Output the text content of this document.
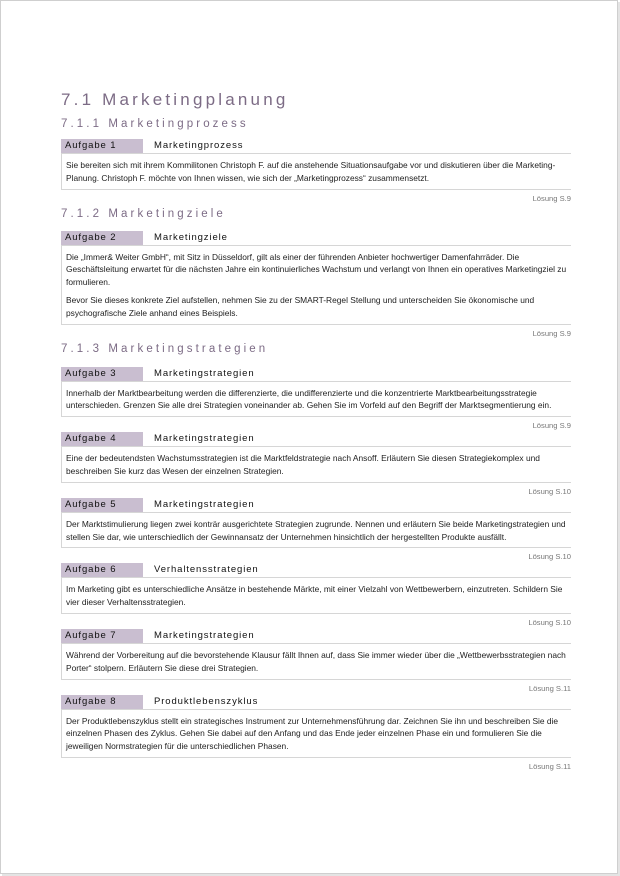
7.1 Marketingplanung
7.1.1 Marketingprozess
Aufgabe 1	Marketingprozess

Sie bereiten sich mit ihrem Kommilitonen Christoph F. auf die anstehende Situationsaufgabe vor und diskutieren über die Marketing-Planung. Christoph F. möchte von Ihnen wissen, wie sich der „Marketingprozess“ zusammensetzt.

Lösung S.9
7.1.2 Marketingziele
Aufgabe 2	Marketingziele

Die „Immer& Weiter GmbH“, mit Sitz in Düsseldorf, gilt als einer der führenden Anbieter hochwertiger Damenfahrräder. Die Geschäftsleitung erwartet für die nächsten Jahre ein kontinuierliches Wachstum und verlangt von Ihnen ein operatives Marketingziel zu formulieren.

Bevor Sie dieses konkrete Ziel aufstellen, nehmen Sie zu der SMART-Regel Stellung und unterscheiden Sie ökonomische und psychografische Ziele anhand eines Beispiels.

Lösung S.9
7.1.3 Marketingstrategien
Aufgabe 3	Marketingstrategien

Innerhalb der Marktbearbeitung werden die differenzierte, die undifferenzierte und die konzentrierte Marktbearbeitungsstrategie unterschieden. Grenzen Sie alle drei Strategien voneinander ab. Gehen Sie im Vorfeld auf den Begriff der Marktsegmentierung ein.

Lösung S.9
Aufgabe 4	Marketingstrategien

Eine der bedeutendsten Wachstumsstrategien ist die Marktfeldstrategie nach Ansoff. Erläutern Sie diesen Strategiekomplex und beschreiben Sie kurz das Wesen der einzelnen Strategien.

Lösung S.10
Aufgabe 5	Marketingstrategien

Der Marktstimulierung liegen zwei konträr ausgerichtete Strategien zugrunde. Nennen und erläutern Sie beide Marketingstrategien und stellen Sie dar, wie unterschiedlich der Gewinnansatz der Unternehmen hinsichtlich der hergestellten Produkte ausfällt.

Lösung S.10
Aufgabe 6	Verhaltensstrategien

Im Marketing gibt es unterschiedliche Ansätze in bestehende Märkte, mit einer Vielzahl von Wettbewerbern, einzutreten. Schildern Sie vier dieser Verhaltensstrategien.

Lösung S.10
Aufgabe 7	Marketingstrategien

Während der Vorbereitung auf die bevorstehende Klausur fällt Ihnen auf, dass Sie immer wieder über die „Wettbewerbsstrategien nach Porter“ stolpern. Erläutern Sie diese drei Strategien.

Lösung S.11
Aufgabe 8	Produktlebenszyklus

Der Produktlebenszyklus stellt ein strategisches Instrument zur Unternehmensführung dar. Zeichnen Sie ihn und beschreiben Sie die einzelnen Phasen des Zyklus. Gehen Sie dabei auf den Anfang und das Ende jeder einzelnen Phase ein und formulieren Sie die jeweiligen Normstrategien für die unterschiedlichen Phasen.

Lösung S.11
